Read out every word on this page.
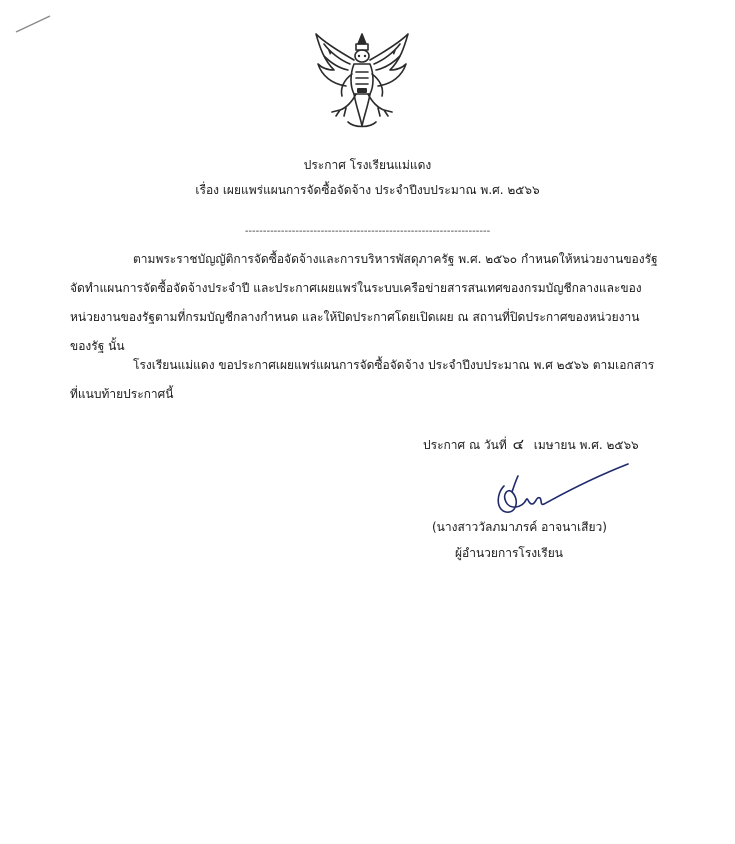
ประกาศ โรงเรียนแม่แดง
เรื่อง เผยแพร่แผนการจัดซื้อจัดจ้าง ประจำปีงบประมาณ พ.ศ. ๒๕๖๖
--------------------------------------------------------------------
ตามพระราชบัญญัติการจัดซื้อจัดจ้างและการบริหารพัสดุภาครัฐ พ.ศ. ๒๕๖๐ กำหนดให้หน่วยงานของรัฐ
จัดทำแผนการจัดซื้อจัดจ้างประจำปี และประกาศเผยแพร่ในระบบเครือข่ายสารสนเทศของกรมบัญชีกลางและของ
หน่วยงานของรัฐตามที่กรมบัญชีกลางกำหนด และให้ปิดประกาศโดยเปิดเผย ณ สถานที่ปิดประกาศของหน่วยงาน
ของรัฐ นั้น
โรงเรียนแม่แดง ขอประกาศเผยแพร่แผนการจัดซื้อจัดจ้าง ประจำปีงบประมาณ พ.ศ ๒๕๖๖ ตามเอกสาร
ที่แนบท้ายประกาศนี้
ประกาศ ณ วันที่ ๔ เมษายน พ.ศ. ๒๕๖๖
(นางสาววัลภมาภรค์ อาจนาเสียว)
ผู้อำนวยการโรงเรียน
